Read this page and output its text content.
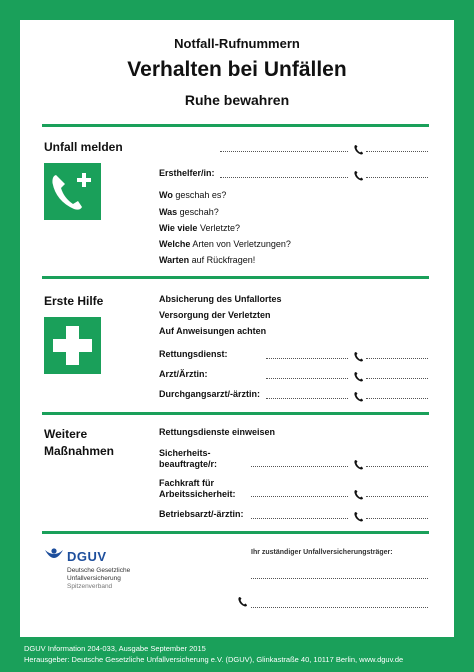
Notfall-Rufnummern
Verhalten bei Unfällen
Ruhe bewahren
Unfall melden
Ersthelfer/in:
Wo geschah es?
Was geschah?
Wie viele Verletzte?
Welche Arten von Verletzungen?
Warten auf Rückfragen!
Erste Hilfe	Absicherung des Unfallortes
Versorgung der Verletzten
Auf Anweisungen achten
Rettungsdienst:
Arzt/Ärztin:
Durchgangsarzt/-ärztin:
Weitere
Maßnahmen
Rettungsdienste einweisen
Sicherheits-
beauftragte/r:
Fachkraft für
Arbeitssicherheit:
Betriebsarzt/-ärztin:
DGUV
Deutsche Gesetzliche
Unfallversicherung
Spitzenverband
Ihr zuständiger Unfallversicherungsträger:
DGUV Information 204-033, Ausgabe September 2015
Herausgeber: Deutsche Gesetzliche Unfallversicherung e.V. (DGUV), Glinkastraße 40, 10117 Berlin, www.dguv.de
